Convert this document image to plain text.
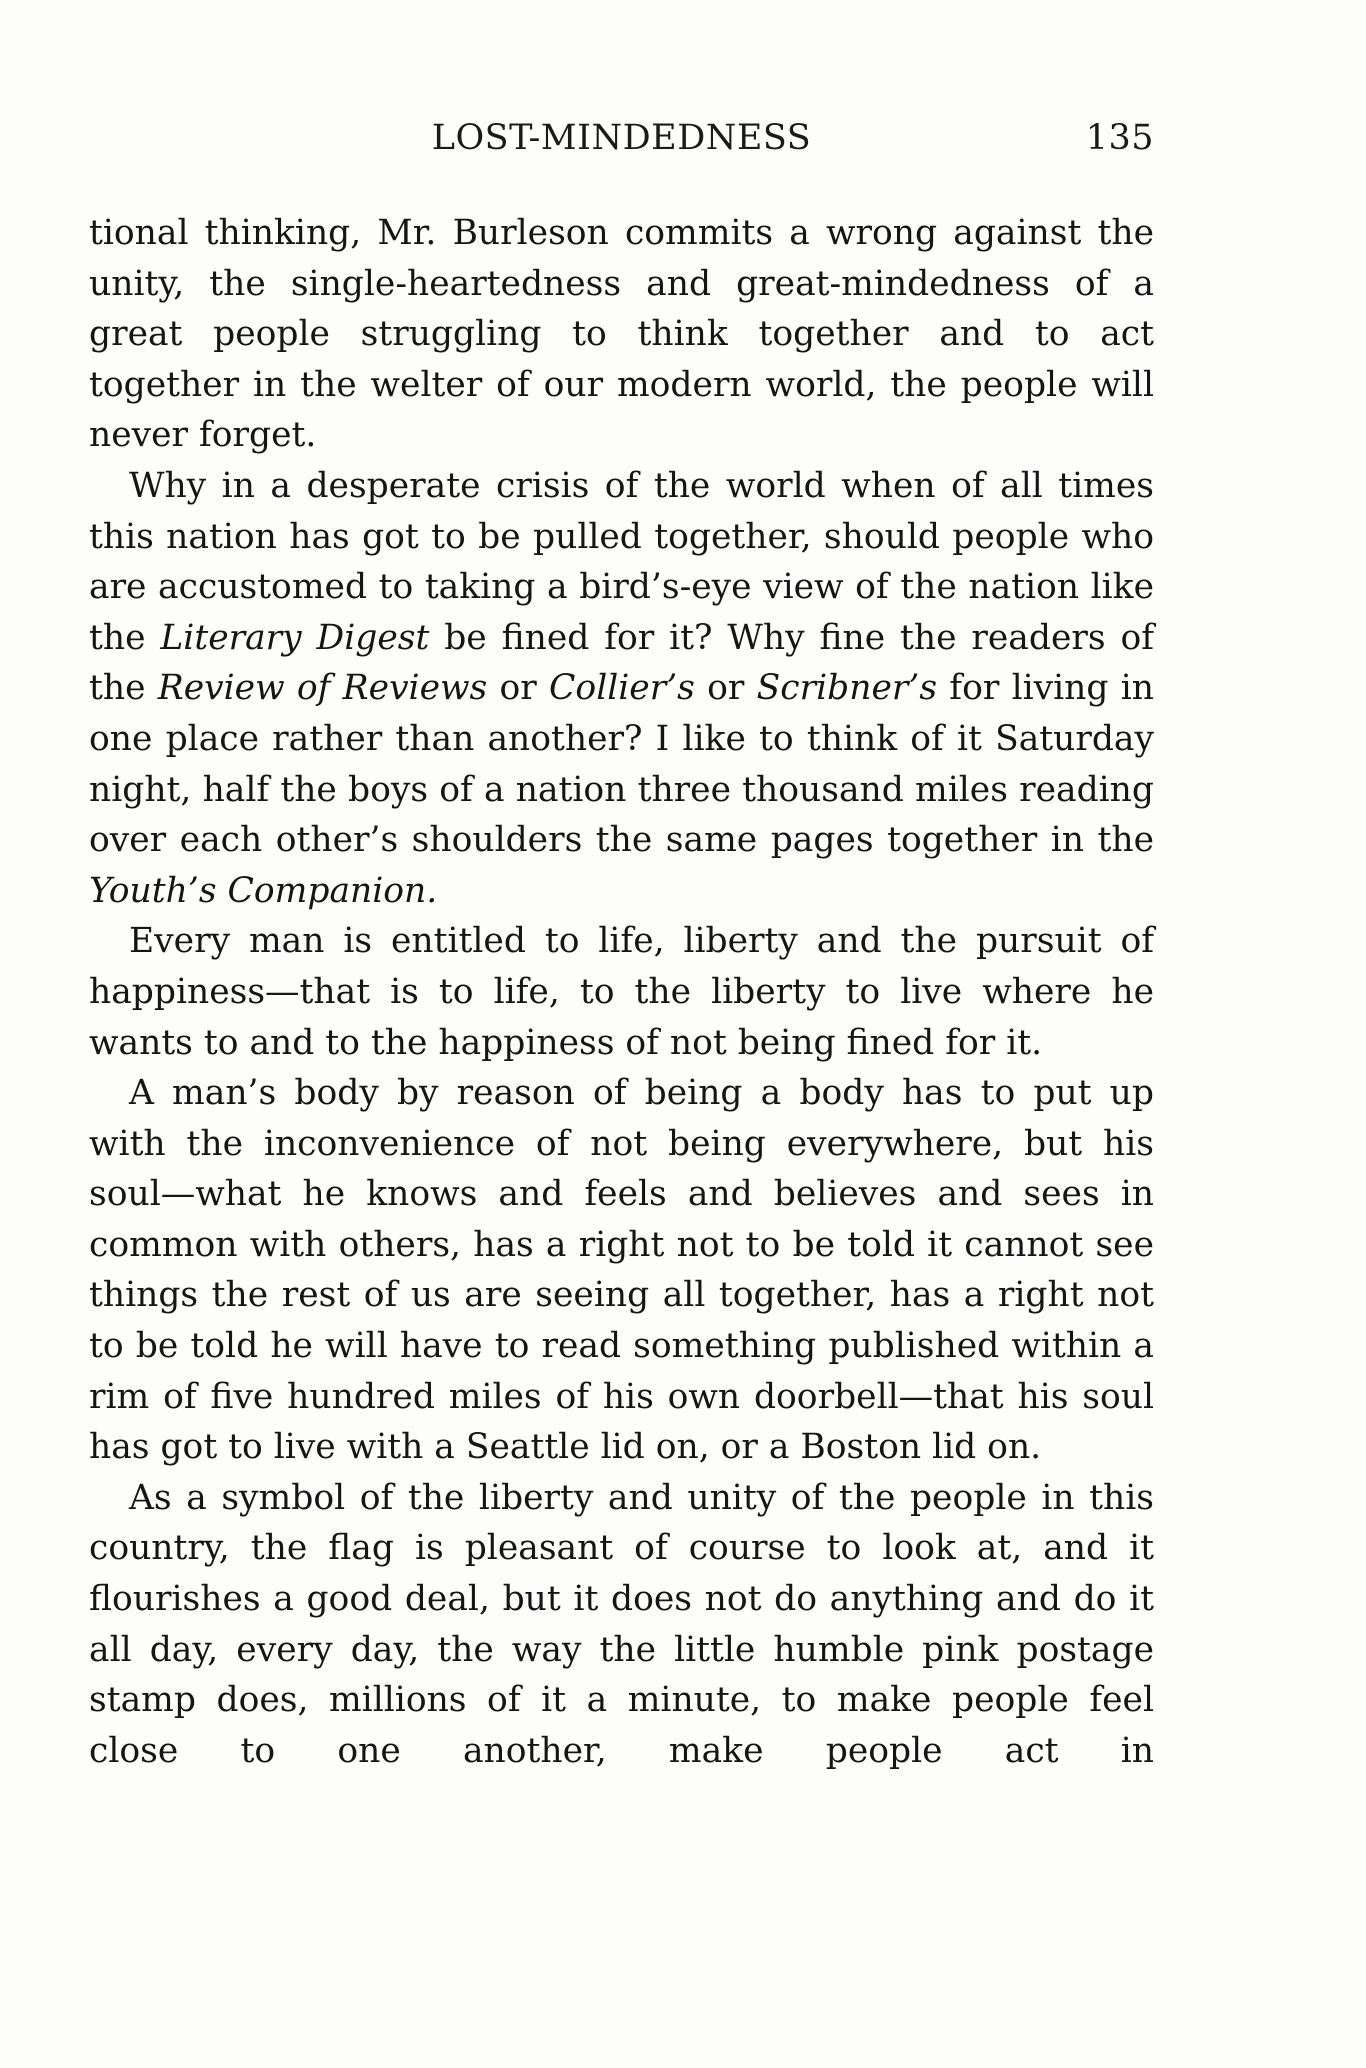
LOST-MINDEDNESS	135

tional thinking, Mr. Burleson commits a wrong against the unity, the single-heartedness and great-mindedness of a great people struggling to think together and to act together in the welter of our modern world, the people will never forget.

Why in a desperate crisis of the world when of all times this nation has got to be pulled together, should people who are accustomed to taking a bird’s-eye view of the nation like the Literary Digest be fined for it? Why fine the readers of the Review of Reviews or Collier’s or Scribner’s for living in one place rather than another? I like to think of it Saturday night, half the boys of a nation three thousand miles reading over each other’s shoulders the same pages together in the Youth’s Companion.

Every man is entitled to life, liberty and the pursuit of happiness—that is to life, to the liberty to live where he wants to and to the happiness of not being fined for it.

A man’s body by reason of being a body has to put up with the inconvenience of not being everywhere, but his soul—what he knows and feels and believes and sees in common with others, has a right not to be told it cannot see things the rest of us are seeing all together, has a right not to be told he will have to read something published within a rim of five hundred miles of his own doorbell—that his soul has got to live with a Seattle lid on, or a Boston lid on.

As a symbol of the liberty and unity of the people in this country, the flag is pleasant of course to look at, and it flourishes a good deal, but it does not do anything and do it all day, every day, the way the little humble pink postage stamp does, millions of it a minute, to make people feel close to one another, make people act in
